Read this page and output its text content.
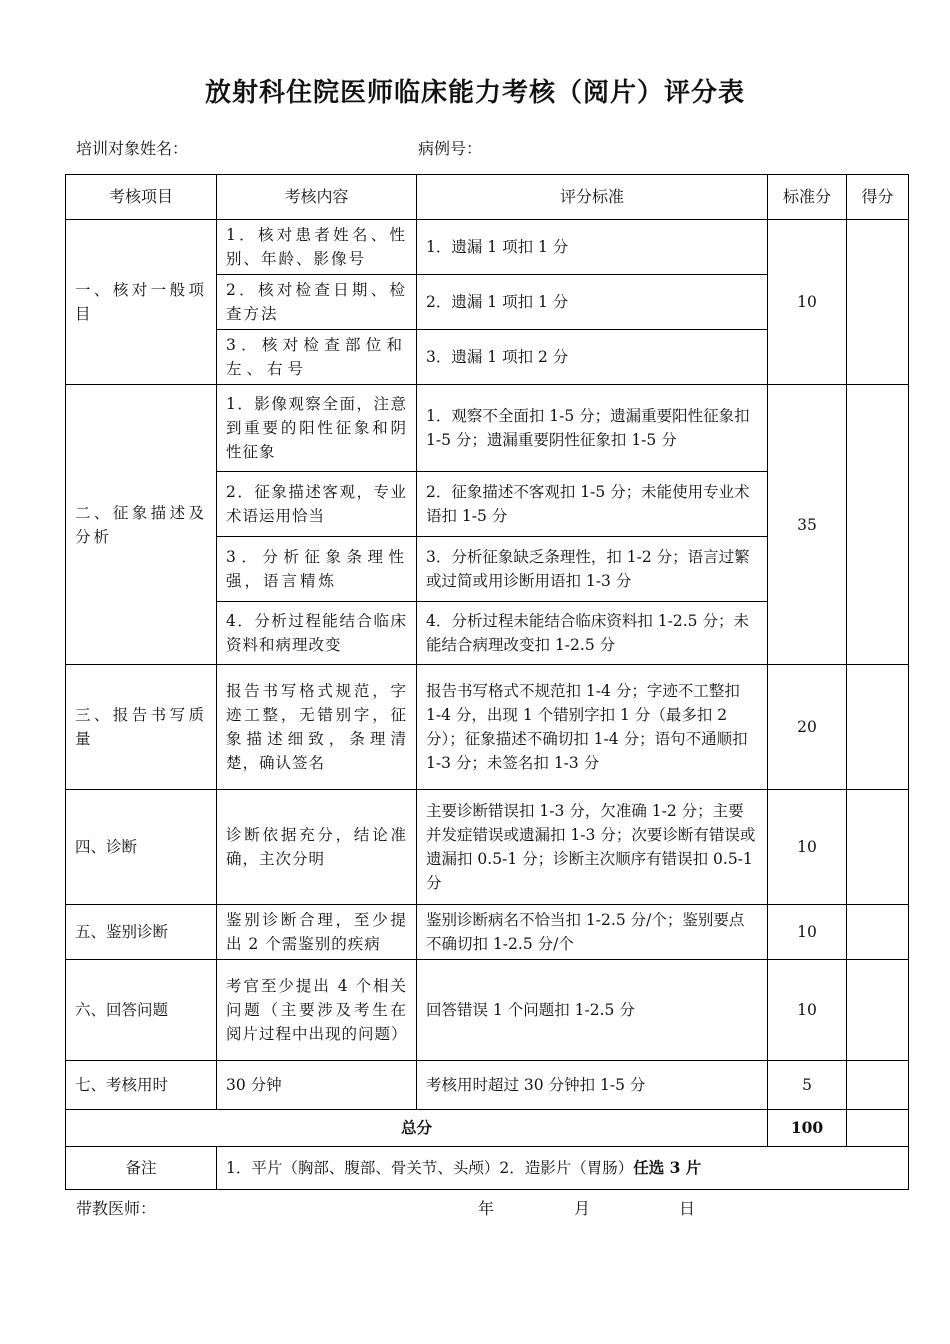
放射科住院医师临床能力考核（阅片）评分表
培训对象姓名：	病例号：
考核项目	考核内容	评分标准	标准分	得分
一、核对一般项目	1．核对患者姓名、性别、年龄、影像号	1．遗漏 1 项扣 1 分	10	
	2．核对检查日期、检查方法	2．遗漏 1 项扣 1 分		
	3．核对检查部位和左、右号	3．遗漏 1 项扣 2 分		
二、征象描述及分析	1．影像观察全面，注意到重要的阳性征象和阴性征象	1．观察不全面扣 1-5 分；遗漏重要阳性征象扣 1-5 分；遗漏重要阴性征象扣 1-5 分	35	
	2．征象描述客观，专业术语运用恰当	2．征象描述不客观扣 1-5 分；未能使用专业术语扣 1-5 分		
	3．分析征象条理性强，语言精炼	3．分析征象缺乏条理性，扣 1-2 分；语言过繁或过简或用诊断用语扣 1-3 分		
	4．分析过程能结合临床资料和病理改变	4．分析过程未能结合临床资料扣 1-2.5 分；未能结合病理改变扣 1-2.5 分		
三、报告书写质量	报告书写格式规范，字迹工整，无错别字，征象描述细致，条理清楚，确认签名	报告书写格式不规范扣 1-4 分；字迹不工整扣 1-4 分，出现 1 个错别字扣 1 分（最多扣 2 分）；征象描述不确切扣 1-4 分；语句不通顺扣 1-3 分；未签名扣 1-3 分	20	
四、诊断	诊断依据充分，结论准确，主次分明	主要诊断错误扣 1-3 分，欠准确 1-2 分；主要并发症错误或遗漏扣 1-3 分；次要诊断有错误或遗漏扣 0.5-1 分；诊断主次顺序有错误扣 0.5-1 分	10	
五、鉴别诊断	鉴别诊断合理，至少提出 2 个需鉴别的疾病	鉴别诊断病名不恰当扣 1-2.5 分/个；鉴别要点不确切扣 1-2.5 分/个	10	
六、回答问题	考官至少提出 4 个相关问题（主要涉及考生在阅片过程中出现的问题）	回答错误 1 个问题扣 1-2.5 分	10	
七、考核用时	30 分钟	考核用时超过 30 分钟扣 1-5 分	5	
总分			100	
备注	1．平片（胸部、腹部、骨关节、头颅）2．造影片（胃肠）任选 3 片			
带教医师：	年	月	日
